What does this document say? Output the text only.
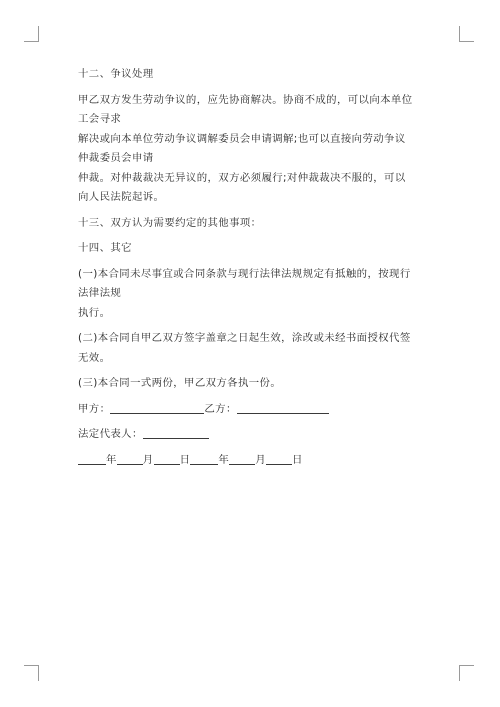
十二、争议处理

甲乙双方发生劳动争议的，应先协商解决。协商不成的，可以向本单位工会寻求

解决或向本单位劳动争议调解委员会申请调解;也可以直接向劳动争议仲裁委员会申请

仲裁。对仲裁裁决无异议的，双方必须履行;对仲裁裁决不服的，可以向人民法院起诉。

十三、双方认为需要约定的其他事项：

十四、其它

(一)本合同未尽事宜或合同条款与现行法律法规规定有抵触的，按现行法律法规

执行。

(二)本合同自甲乙双方签字盖章之日起生效，涂改或未经书面授权代签无效。

(三)本合同一式两份，甲乙双方各执一份。

甲方：	乙方：
法定代表人：
年	月	日	年	月	日
